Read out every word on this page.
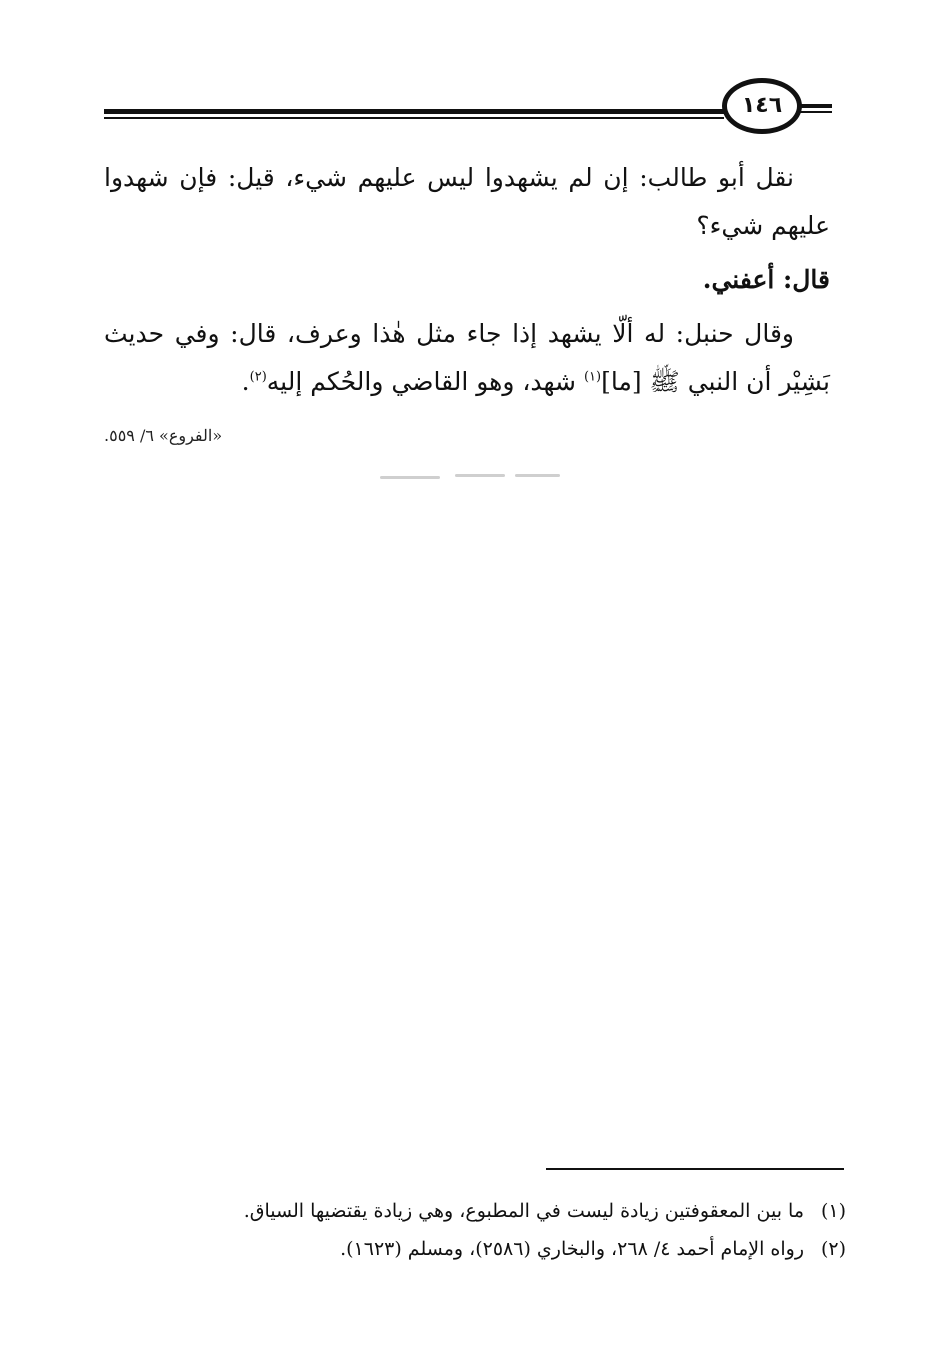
١٤٦
نقل أبو طالب: إن لم يشهدوا ليس عليهم شيء، قيل: فإن شهدوا
عليهم شيء؟
قال: أعفني.
وقال حنبل: له ألّا يشهد إذا جاء مثل هٰذا وعرف، قال: وفي حديث
بَشِيْر أن النبي ﷺ [ما]$^{(١)}$ شهد، وهو القاضي والحُكم إليه$^{(٢)}$.
«الفروع» ٦/ ٥٥٩.
(١)ما بين المعقوفتين زيادة ليست في المطبوع، وهي زيادة يقتضيها السياق.
(٢)رواه الإمام أحمد ٤/ ٢٦٨، والبخاري (٢٥٨٦)، ومسلم (١٦٢٣).
